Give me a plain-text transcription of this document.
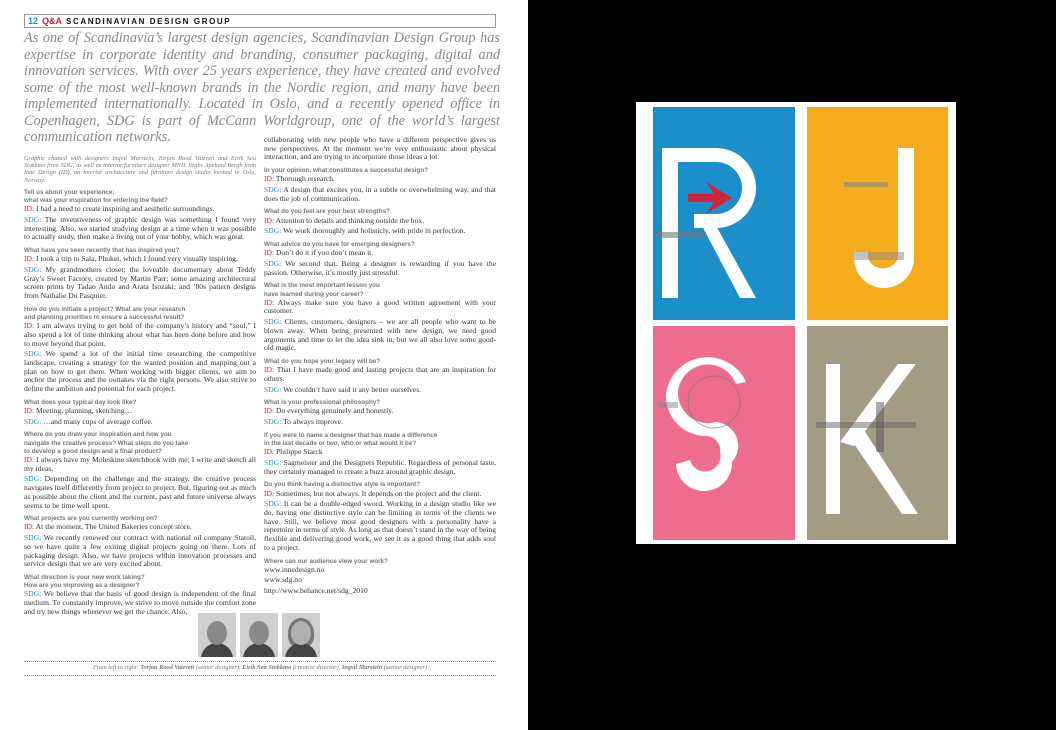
12 Q&A SCANDINAVIAN DESIGN GROUP
As one of Scandinavia’s largest design agencies, Scandinavian Design Group has expertise in corporate identity and branding, consumer packaging, digital and innovation services. With over 25 years experience, they have created and evolved some of the most well-known brands in the Nordic region, and many have been implemented internationally. Located in Oslo, and a recently opened office in Copenhagen, SDG is part of McCann Worldgroup, one of the world’s largest communication networks.

Graphic chatted with designers Ingvil Marstein, Torjan Rood Vaizveit and Eirik Seu Stokkmo from SDG, as well as interior/furniture designer MNIL Vegbs Apelund Bergh from Inne Design (ID), an interior architecture and furniture design studio located in Oslo, Norway.

Tell us about your experience;

what was your inspiration for entering the field?

ID: I had a need to create inspiring and aesthetic surroundings.

SDG: The inventiveness of graphic design was something I found very interesting. Also, we started studying design at a time when it was possible to actually study, then make a living out of your hobby, which was great.

What have you seen recently that has inspired you?

ID: I took a trip to Sala, Phuket, which I found very visually inspiring.

SDG: My grandmothers closet; the loveable documentary about Teddy Gray’s Sweet Factory, created by Martin Parr; some amazing architectural screen prints by Tadao Ando and Arata Isozaki; and ’80s pattern designs from Nathalie Du Pasquier.

How do you initiate a project? What are your research

and planning priorities to ensure a successful result?

ID: I am always trying to get hold of the company’s history and “soul.” I also spend a lot of time thinking about what has been done before and how to move beyond that point.

SDG: We spend a lot of the initial time researching the competitive landscape, creating a strategy for the wanted position and mapping out a plan on how to get there. When working with bigger clients, we aim to anchor the process and the outtakes via the right persons. We also strive to define the ambition and potential for each project.

What does your typical day look like?

ID: Meeting, planning, sketching…

SDG: …and many cups of average coffee.

Where do you draw your inspiration and how you

navigate the creative process? What steps do you take

to develop a good design and a final product?

ID: I always have my Moleskine sketchbook with me; I write and sketch all my ideas.

SDG: Depending on the challenge and the strategy, the creative process navigates itself differently from project to project. But, figuring out as much as possible about the client and the current, past and future universe always seems to be time well spent.

What projects are you currently working on?

ID: At the moment, The United Bakeries concept store.

SDG: We recently renewed our contract with national oil company Statoil, so we have quite a few exiting digital projects going on there. Lots of packaging design. Also, we have projects within innovation processes and service design that we are very excited about.

What direction is your new work taking?

How are you improving as a designer?

SDG: We believe that the basis of good design is independent of the final medium. To constantly improve, we strive to move outside the comfort zone and try new things whenever we get the chance. Also,

collaborating with new people who have a different perspective gives us new perspectives. At the moment we’re very enthusiastic about physical interaction, and are trying to incorporate those ideas a lot.

In your opinion, what constitutes a successful design?

ID: Thorough research.

SDG: A design that excites you, in a subtle or overwhelming way, and that does the job of communication.

What do you feel are your best strengths?

ID: Attention to details and thinking outside the box.

SDG: We work thoroughly and holisticly, with pride in perfection.

What advice do you have for emerging designers?

ID: Don’t do it if you don’t mean it.

SDG: We second that. Being a designer is rewarding if you have the passion. Otherwise, it’s mostly just stressful.

What is the most important lesson you

have learned during your career?

ID: Always make sure you have a good written agreement with your customer.

SDG: Clients, customers, designers – we are all people who want to be blown away. When being presented with new design, we need good arguments and time to let the idea sink in, but we all also love some good-old magic.

What do you hope your legacy will be?

ID: That I have made good and lasting projects that are an inspiration for others.

SDG: We couldn’t have said it any better ourselves.

What is your professional philosophy?

ID: Do everything genuinely and honestly.

SDG: To always improve.

If you were to name a designer that has made a difference

in the last decade or two, who or what would it be?

ID: Philippe Starck

SDG: Sagmeister and the Designers Republic. Regardless of personal taste, they certainly managed to create a buzz around graphic design.

Do you think having a distinctive style is important?

ID: Sometimes, but not always. It depends on the project and the client.

SDG: It can be a double-edged sword. Working in a design studio like we do, having one distinctive style can be limiting in terms of the clients we have. Still, we believe most good designers with a personality have a repertoire in terms of style. As long as that doesn’t stand in the way of being flexible and delivering good work, we see it as a good thing that adds soul to a project.

Where can our audience view your work?

www.innedesign.no

www.sdg.no

http://www.behance.net/sdg_2010

From left to right: Torjan Rood Vaizveit (senior designer), Eirik Seu Stokkmo (creative director), Ingvil Marstein (senior designer)
